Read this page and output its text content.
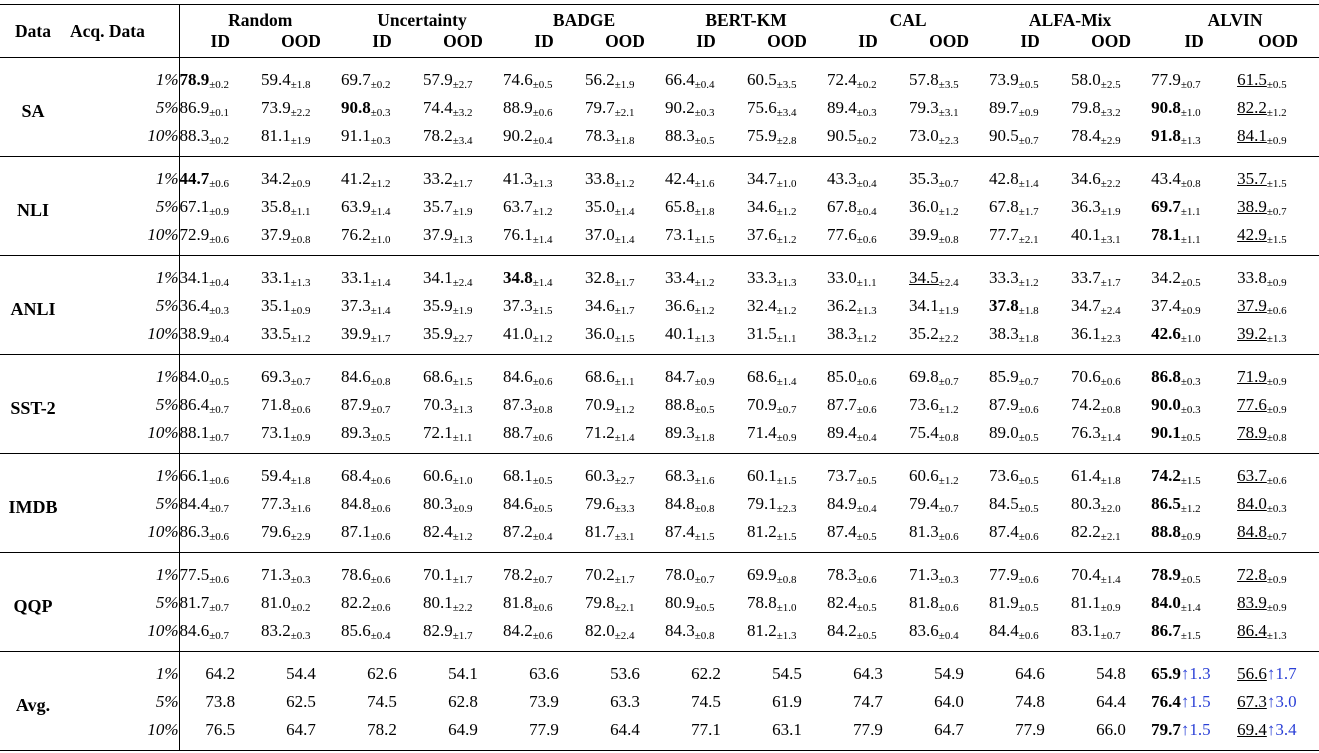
Data	Acq. Data	Random		Uncertainty		BADGE		BERT-KM		CAL		ALFA-Mix		ALVIN	
		ID	OOD	ID	OOD	ID	OOD	ID	OOD	ID	OOD	ID	OOD	ID	OOD
SA	1%	$78.9_{\pm 0.2}$	$59.4_{\pm 1.8}$	$69.7_{\pm 0.2}$	$57.9_{\pm 2.7}$	$74.6_{\pm 0.5}$	$56.2_{\pm 1.9}$	$66.4_{\pm 0.4}$	$60.5_{\pm 3.5}$	$72.4_{\pm 0.2}$	$57.8_{\pm 3.5}$	$73.9_{\pm 0.5}$	$58.0_{\pm 2.5}$	$77.9_{\pm 0.7}$	$61.5_{\pm 0.5}$
	5%	$86.9_{\pm 0.1}$	$73.9_{\pm 2.2}$	$90.8_{\pm 0.3}$	$74.4_{\pm 3.2}$	$88.9_{\pm 0.6}$	$79.7_{\pm 2.1}$	$90.2_{\pm 0.3}$	$75.6_{\pm 3.4}$	$89.4_{\pm 0.3}$	$79.3_{\pm 3.1}$	$89.7_{\pm 0.9}$	$79.8_{\pm 3.2}$	$90.8_{\pm 1.0}$	$82.2_{\pm 1.2}$
	10%	$88.3_{\pm 0.2}$	$81.1_{\pm 1.9}$	$91.1_{\pm 0.3}$	$78.2_{\pm 3.4}$	$90.2_{\pm 0.4}$	$78.3_{\pm 1.8}$	$88.3_{\pm 0.5}$	$75.9_{\pm 2.8}$	$90.5_{\pm 0.2}$	$73.0_{\pm 2.3}$	$90.5_{\pm 0.7}$	$78.4_{\pm 2.9}$	$91.8_{\pm 1.3}$	$84.1_{\pm 0.9}$
NLI	1%	$44.7_{\pm 0.6}$	$34.2_{\pm 0.9}$	$41.2_{\pm 1.2}$	$33.2_{\pm 1.7}$	$41.3_{\pm 1.3}$	$33.8_{\pm 1.2}$	$42.4_{\pm 1.6}$	$34.7_{\pm 1.0}$	$43.3_{\pm 0.4}$	$35.3_{\pm 0.7}$	$42.8_{\pm 1.4}$	$34.6_{\pm 2.2}$	$43.4_{\pm 0.8}$	$35.7_{\pm 1.5}$
	5%	$67.1_{\pm 0.9}$	$35.8_{\pm 1.1}$	$63.9_{\pm 1.4}$	$35.7_{\pm 1.9}$	$63.7_{\pm 1.2}$	$35.0_{\pm 1.4}$	$65.8_{\pm 1.8}$	$34.6_{\pm 1.2}$	$67.8_{\pm 0.4}$	$36.0_{\pm 1.2}$	$67.8_{\pm 1.7}$	$36.3_{\pm 1.9}$	$69.7_{\pm 1.1}$	$38.9_{\pm 0.7}$
	10%	$72.9_{\pm 0.6}$	$37.9_{\pm 0.8}$	$76.2_{\pm 1.0}$	$37.9_{\pm 1.3}$	$76.1_{\pm 1.4}$	$37.0_{\pm 1.4}$	$73.1_{\pm 1.5}$	$37.6_{\pm 1.2}$	$77.6_{\pm 0.6}$	$39.9_{\pm 0.8}$	$77.7_{\pm 2.1}$	$40.1_{\pm 3.1}$	$78.1_{\pm 1.1}$	$42.9_{\pm 1.5}$
ANLI	1%	$34.1_{\pm 0.4}$	$33.1_{\pm 1.3}$	$33.1_{\pm 1.4}$	$34.1_{\pm 2.4}$	$34.8_{\pm 1.4}$	$32.8_{\pm 1.7}$	$33.4_{\pm 1.2}$	$33.3_{\pm 1.3}$	$33.0_{\pm 1.1}$	$34.5_{\pm 2.4}$	$33.3_{\pm 1.2}$	$33.7_{\pm 1.7}$	$34.2_{\pm 0.5}$	$33.8_{\pm 0.9}$
	5%	$36.4_{\pm 0.3}$	$35.1_{\pm 0.9}$	$37.3_{\pm 1.4}$	$35.9_{\pm 1.9}$	$37.3_{\pm 1.5}$	$34.6_{\pm 1.7}$	$36.6_{\pm 1.2}$	$32.4_{\pm 1.2}$	$36.2_{\pm 1.3}$	$34.1_{\pm 1.9}$	$37.8_{\pm 1.8}$	$34.7_{\pm 2.4}$	$37.4_{\pm 0.9}$	$37.9_{\pm 0.6}$
	10%	$38.9_{\pm 0.4}$	$33.5_{\pm 1.2}$	$39.9_{\pm 1.7}$	$35.9_{\pm 2.7}$	$41.0_{\pm 1.2}$	$36.0_{\pm 1.5}$	$40.1_{\pm 1.3}$	$31.5_{\pm 1.1}$	$38.3_{\pm 1.2}$	$35.2_{\pm 2.2}$	$38.3_{\pm 1.8}$	$36.1_{\pm 2.3}$	$42.6_{\pm 1.0}$	$39.2_{\pm 1.3}$
SST-2	1%	$84.0_{\pm 0.5}$	$69.3_{\pm 0.7}$	$84.6_{\pm 0.8}$	$68.6_{\pm 1.5}$	$84.6_{\pm 0.6}$	$68.6_{\pm 1.1}$	$84.7_{\pm 0.9}$	$68.6_{\pm 1.4}$	$85.0_{\pm 0.6}$	$69.8_{\pm 0.7}$	$85.9_{\pm 0.7}$	$70.6_{\pm 0.6}$	$86.8_{\pm 0.3}$	$71.9_{\pm 0.9}$
	5%	$86.4_{\pm 0.7}$	$71.8_{\pm 0.6}$	$87.9_{\pm 0.7}$	$70.3_{\pm 1.3}$	$87.3_{\pm 0.8}$	$70.9_{\pm 1.2}$	$88.8_{\pm 0.5}$	$70.9_{\pm 0.7}$	$87.7_{\pm 0.6}$	$73.6_{\pm 1.2}$	$87.9_{\pm 0.6}$	$74.2_{\pm 0.8}$	$90.0_{\pm 0.3}$	$77.6_{\pm 0.9}$
	10%	$88.1_{\pm 0.7}$	$73.1_{\pm 0.9}$	$89.3_{\pm 0.5}$	$72.1_{\pm 1.1}$	$88.7_{\pm 0.6}$	$71.2_{\pm 1.4}$	$89.3_{\pm 1.8}$	$71.4_{\pm 0.9}$	$89.4_{\pm 0.4}$	$75.4_{\pm 0.8}$	$89.0_{\pm 0.5}$	$76.3_{\pm 1.4}$	$90.1_{\pm 0.5}$	$78.9_{\pm 0.8}$
IMDB	1%	$66.1_{\pm 0.6}$	$59.4_{\pm 1.8}$	$68.4_{\pm 0.6}$	$60.6_{\pm 1.0}$	$68.1_{\pm 0.5}$	$60.3_{\pm 2.7}$	$68.3_{\pm 1.6}$	$60.1_{\pm 1.5}$	$73.7_{\pm 0.5}$	$60.6_{\pm 1.2}$	$73.6_{\pm 0.5}$	$61.4_{\pm 1.8}$	$74.2_{\pm 1.5}$	$63.7_{\pm 0.6}$
	5%	$84.4_{\pm 0.7}$	$77.3_{\pm 1.6}$	$84.8_{\pm 0.6}$	$80.3_{\pm 0.9}$	$84.6_{\pm 0.5}$	$79.6_{\pm 3.3}$	$84.8_{\pm 0.8}$	$79.1_{\pm 2.3}$	$84.9_{\pm 0.4}$	$79.4_{\pm 0.7}$	$84.5_{\pm 0.5}$	$80.3_{\pm 2.0}$	$86.5_{\pm 1.2}$	$84.0_{\pm 0.3}$
	10%	$86.3_{\pm 0.6}$	$79.6_{\pm 2.9}$	$87.1_{\pm 0.6}$	$82.4_{\pm 1.2}$	$87.2_{\pm 0.4}$	$81.7_{\pm 3.1}$	$87.4_{\pm 1.5}$	$81.2_{\pm 1.5}$	$87.4_{\pm 0.5}$	$81.3_{\pm 0.6}$	$87.4_{\pm 0.6}$	$82.2_{\pm 2.1}$	$88.8_{\pm 0.9}$	$84.8_{\pm 0.7}$
QQP	1%	$77.5_{\pm 0.6}$	$71.3_{\pm 0.3}$	$78.6_{\pm 0.6}$	$70.1_{\pm 1.7}$	$78.2_{\pm 0.7}$	$70.2_{\pm 1.7}$	$78.0_{\pm 0.7}$	$69.9_{\pm 0.8}$	$78.3_{\pm 0.6}$	$71.3_{\pm 0.3}$	$77.9_{\pm 0.6}$	$70.4_{\pm 1.4}$	$78.9_{\pm 0.5}$	$72.8_{\pm 0.9}$
	5%	$81.7_{\pm 0.7}$	$81.0_{\pm 0.2}$	$82.2_{\pm 0.6}$	$80.1_{\pm 2.2}$	$81.8_{\pm 0.6}$	$79.8_{\pm 2.1}$	$80.9_{\pm 0.5}$	$78.8_{\pm 1.0}$	$82.4_{\pm 0.5}$	$81.8_{\pm 0.6}$	$81.9_{\pm 0.5}$	$81.1_{\pm 0.9}$	$84.0_{\pm 1.4}$	$83.9_{\pm 0.9}$
	10%	$84.6_{\pm 0.7}$	$83.2_{\pm 0.3}$	$85.6_{\pm 0.4}$	$82.9_{\pm 1.7}$	$84.2_{\pm 0.6}$	$82.0_{\pm 2.4}$	$84.3_{\pm 0.8}$	$81.2_{\pm 1.3}$	$84.2_{\pm 0.5}$	$83.6_{\pm 0.4}$	$84.4_{\pm 0.6}$	$83.1_{\pm 0.7}$	$86.7_{\pm 1.5}$	$86.4_{\pm 1.3}$
Avg.	1%	64.2	54.4	62.6	54.1	63.6	53.6	62.2	54.5	64.3	54.9	64.6	54.8	65.9↑1.3	56.6↑1.7
	5%	73.8	62.5	74.5	62.8	73.9	63.3	74.5	61.9	74.7	64.0	74.8	64.4	76.4↑1.5	67.3↑3.0
	10%	76.5	64.7	78.2	64.9	77.9	64.4	77.1	63.1	77.9	64.7	77.9	66.0	79.7↑1.5	69.4↑3.4
